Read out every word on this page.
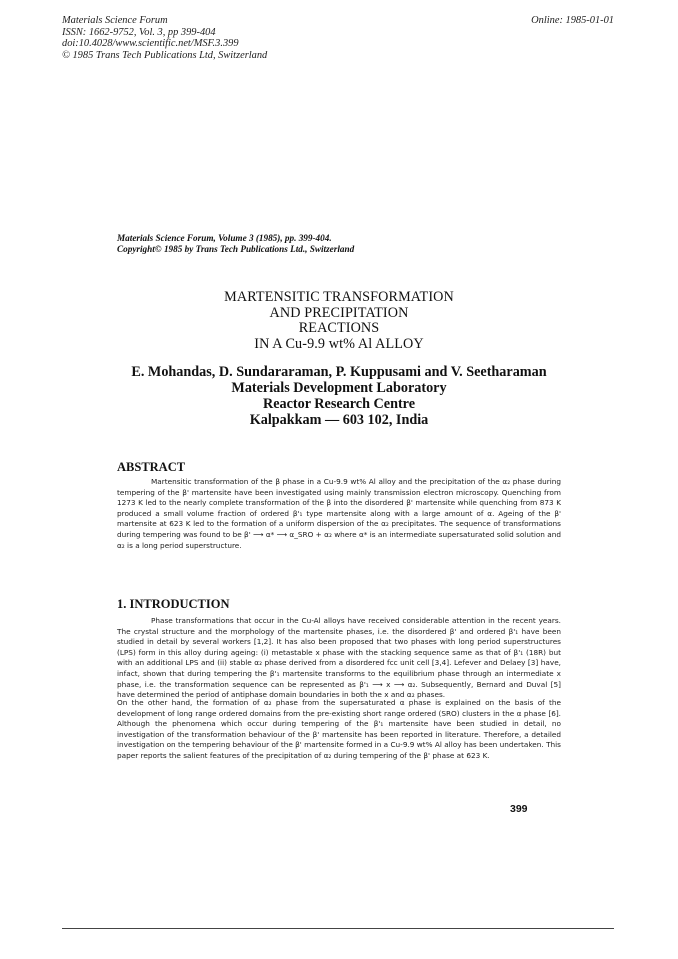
Materials Science Forum
ISSN: 1662-9752, Vol. 3, pp 399-404
doi:10.4028/www.scientific.net/MSF.3.399
© 1985 Trans Tech Publications Ltd, Switzerland
Online: 1985-01-01
Materials Science Forum, Volume 3 (1985), pp. 399-404.
Copyright© 1985 by Trans Tech Publications Ltd., Switzerland
MARTENSITIC TRANSFORMATION
AND PRECIPITATION
REACTIONS
IN A Cu-9.9 wt% Al ALLOY
E. Mohandas, D. Sundararaman, P. Kuppusami and V. Seetharaman
Materials Development Laboratory
Reactor Research Centre
Kalpakkam — 603 102, India
ABSTRACT
Martensitic transformation of the β phase in a Cu-9.9 wt% Al alloy and the precipitation of the α₂ phase during tempering of the β' martensite have been investigated using mainly transmission electron microscopy. Quenching from 1273 K led to the nearly complete transformation of the β into the disordered β' martensite while quenching from 873 K produced a small volume fraction of ordered β'₁ type martensite along with a large amount of α. Ageing of the β' martensite at 623 K led to the formation of a uniform dispersion of the α₂ precipitates. The sequence of transformations during tempering was found to be β' ⟶ α* ⟶ α_SRO + α₂ where α* is an intermediate supersaturated solid solution and α₂ is a long period superstructure.
1. INTRODUCTION
Phase transformations that occur in the Cu-Al alloys have received considerable attention in the recent years. The crystal structure and the morphology of the martensite phases, i.e. the disordered β' and ordered β'₁ have been studied in detail by several workers [1,2]. It has also been proposed that two phases with long period superstructures (LPS) form in this alloy during ageing: (i) metastable x phase with the stacking sequence same as that of β'₁ (18R) but with an additional LPS and (ii) stable α₂ phase derived from a disordered fcc unit cell [3,4]. Lefever and Delaey [3] have, infact, shown that during tempering the β'₁ martensite transforms to the equilibrium phase through an intermediate x phase, i.e. the transformation sequence can be represented as β'₁ ⟶ x ⟶ α₂. Subsequently, Bernard and Duval [5] have determined the period of antiphase domain boundaries in both the x and α₂ phases.
On the other hand, the formation of α₂ phase from the supersaturated α phase is explained on the basis of the development of long range ordered domains from the pre-existing short range ordered (SRO) clusters in the α phase [6]. Although the phenomena which occur during tempering of the β'₁ martensite have been studied in detail, no investigation of the transformation behaviour of the β' martensite has been reported in literature. Therefore, a detailed investigation on the tempering behaviour of the β' martensite formed in a Cu-9.9 wt% Al alloy has been undertaken. This paper reports the salient features of the precipitation of α₂ during tempering of the β' phase at 623 K.
399
